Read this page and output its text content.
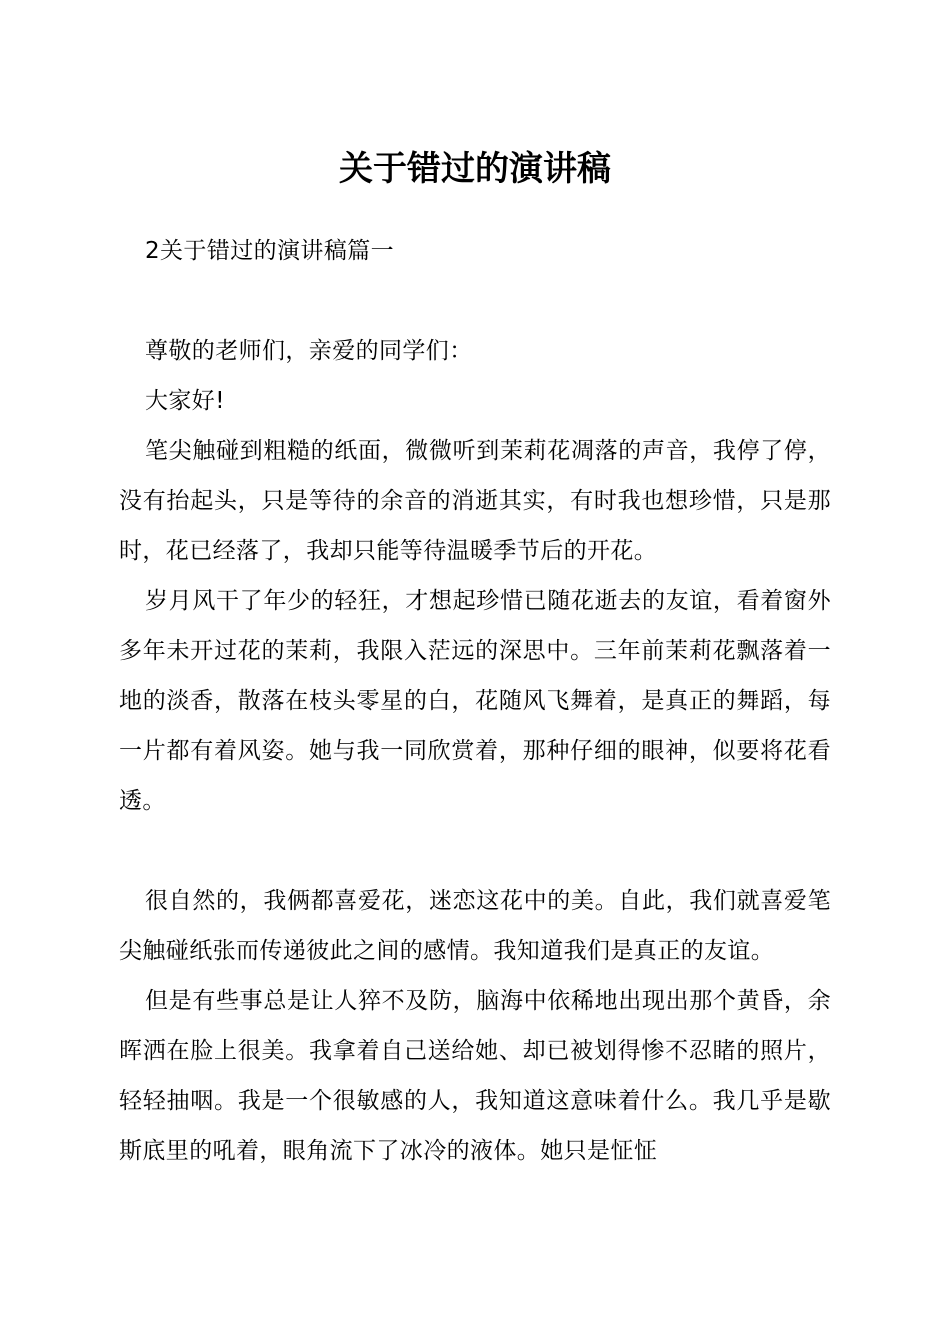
关于错过的演讲稿

2关于错过的演讲稿篇一

尊敬的老师们，亲爱的同学们：

大家好!

笔尖触碰到粗糙的纸面，微微听到茉莉花凋落的声音，我停了停，没有抬起头，只是等待的余音的消逝其实，有时我也想珍惜，只是那时，花已经落了，我却只能等待温暖季节后的开花。

岁月风干了年少的轻狂，才想起珍惜已随花逝去的友谊，看着窗外多年未开过花的茉莉，我限入茫远的深思中。三年前茉莉花飘落着一地的淡香，散落在枝头零星的白，花随风飞舞着，是真正的舞蹈，每一片都有着风姿。她与我一同欣赏着，那种仔细的眼神，似要将花看透。

很自然的，我俩都喜爱花，迷恋这花中的美。自此，我们就喜爱笔尖触碰纸张而传递彼此之间的感情。我知道我们是真正的友谊。

但是有些事总是让人猝不及防，脑海中依稀地出现出那个黄昏，余晖洒在脸上很美。我拿着自己送给她、却已被划得惨不忍睹的照片，轻轻抽咽。我是一个很敏感的人，我知道这意味着什么。我几乎是歇斯底里的吼着，眼角流下了冰冷的液体。她只是怔怔
